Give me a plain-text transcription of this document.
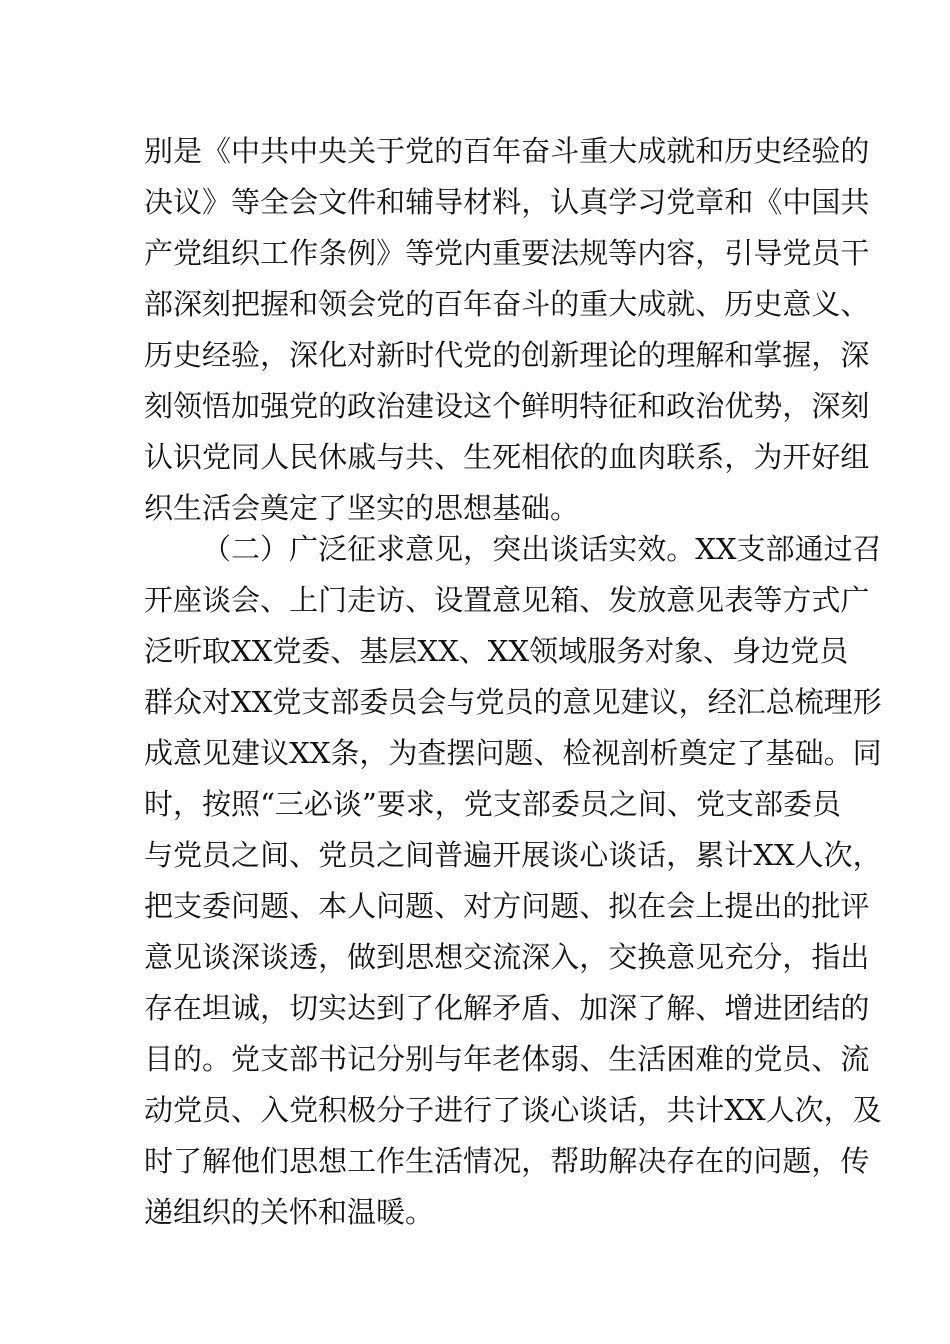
别 是 《 中 共 中 央 关 于 党 的 百 年 奋 斗 重 大 成 就 和 历 史 经 验 的
决 议 》 等 全 会 文 件 和 辅 导 材 料 ， 认 真 学 习 党 章 和 《 中 国 共
产 党 组 织 工 作 条 例 》 等 党 内 重 要 法 规 等 内 容 ， 引 导 党 员 干
部 深 刻 把 握 和 领 会 党 的 百 年 奋 斗 的 重 大 成 就 、 历 史 意 义 、
历 史 经 验 ， 深 化 对 新 时 代 党 的 创 新 理 论 的 理 解 和 掌 握 ， 深
刻 领 悟 加 强 党 的 政 治 建 设 这 个 鲜 明 特 征 和 政 治 优 势 ， 深 刻
认 识 党 同 人 民 休 戚 与 共 、 生 死 相 依 的 血 肉 联 系 ， 为 开 好 组
织生活会奠定了坚实的思想基础。
（ 二 ） 广 泛 征 求 意 见 ， 突 出 谈 话 实 效 。 XX 支 部 通 过 召
开 座 谈 会 、 上 门 走 访 、 设 置 意 见 箱 、 发 放 意 见 表 等 方 式 广
泛 听 取 XX 党 委 、 基 层 XX 、 XX 领 域 服 务 对 象 、 身 边 党 员
群 众 对 XX 党 支 部 委 员 会 与 党 员 的 意 见 建 议 ， 经 汇 总 梳 理 形
成 意 见 建 议 XX 条 ， 为 查 摆 问 题 、 检 视 剖 析 奠 定 了 基 础 。 同
时 ， 按 照 “ 三 必 谈 ” 要 求 ， 党 支 部 委 员 之 间 、 党 支 部 委 员
与 党 员 之 间 、 党 员 之 间 普 遍 开 展 谈 心 谈 话 ， 累 计 XX 人 次 ，
把 支 委 问 题 、 本 人 问 题 、 对 方 问 题 、 拟 在 会 上 提 出 的 批 评
意 见 谈 深 谈 透 ， 做 到 思 想 交 流 深 入 ， 交 换 意 见 充 分 ， 指 出
存 在 坦 诚 ， 切 实 达 到 了 化 解 矛 盾 、 加 深 了 解 、 增 进 团 结 的
目 的 。 党 支 部 书 记 分 别 与 年 老 体 弱 、 生 活 困 难 的 党 员 、 流
动 党 员 、 入 党 积 极 分 子 进 行 了 谈 心 谈 话 ， 共 计 XX 人 次 ， 及
时 了 解 他 们 思 想 工 作 生 活 情 况 ， 帮 助 解 决 存 在 的 问 题 ， 传
递组织的关怀和温暖。
